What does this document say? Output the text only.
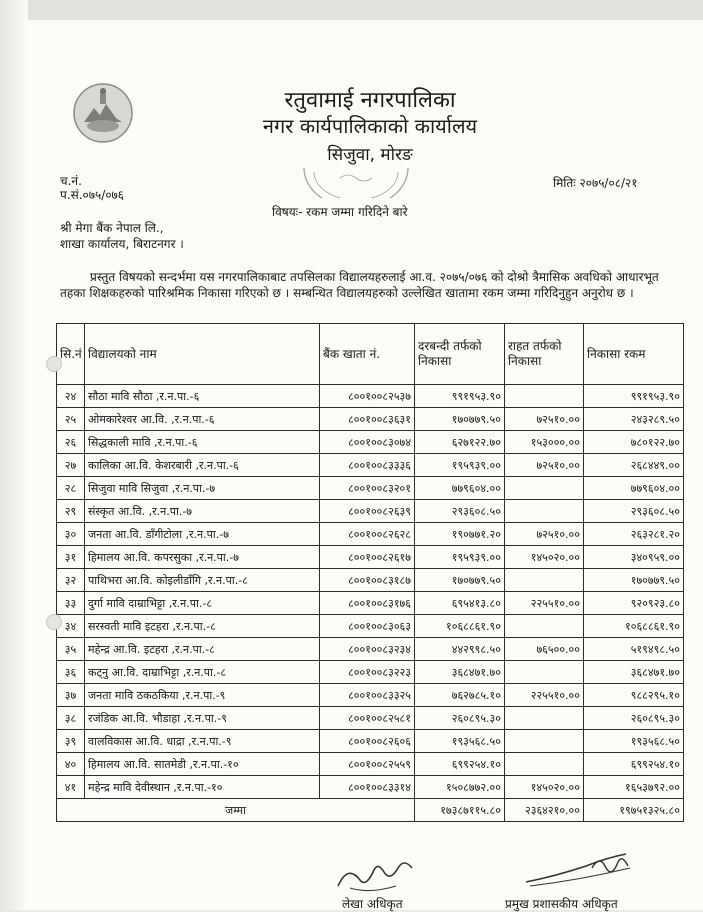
रतुवामाई नगरपालिका
नगर कार्यपालिकाको कार्यालय
सिजुवा, मोरङ
च.नं.
प.सं.०७५/०७६
मितिः २०७५/०८/२१
विषयः- रकम जम्मा गरिदिने बारे
श्री मेगा बैंक नेपाल लि.,
शाखा कार्यालय, बिराटनगर ।

प्रस्तुत विषयको सन्दर्भमा यस नगरपालिकाबाट तपसिलका विद्यालयहरुलाई आ.व. २०७५/०७६ को दोश्रो त्रैमासिक अवधिको आधारभूत तहका शिक्षकहरुको पारिश्रमिक निकासा गरिएको छ । सम्बन्धित विद्यालयहरुको उल्लेखित खातामा रकम जम्मा गरिदिनुहुन अनुरोध छ ।

सि.नं	विद्यालयको नाम	बैंक खाता नं.	दरबन्दी तर्फको निकासा	राहत तर्फको निकासा	निकासा रकम
२४	सौठा मावि सौठा ,र.न.पा.-६	८००१००८२५३७	९९१९५३.९०		९९१९५३.९०
२५	ओमकारेश्वर आ.वि. ,र.न.पा.-६	८००१००८३६३१	१७०७७९.५०	७२५१०.००	२४३२८९.५०
२६	सिद्धकाली मावि ,र.न.पा.-६	८००१००८३०७४	६२७१२२.७०	१५३०००.००	७८०१२२.७०
२७	कालिका आ.वि. केशरबारी ,र.न.पा.-६	८००१००८३३३६	१९५९३९.००	७२५१०.००	२६८४४९.००
२८	सिजुवा मावि सिजुवा ,र.न.पा.-७	८००१००८३२०१	७७९६०४.००		७७९६०४.००
२९	संस्कृत आ.वि. ,र.न.पा.-७	८००१००८२६३९	२९३६०८.५०		२९३६०८.५०
३०	जनता आ.वि. डाँगीटोला ,र.न.पा.-७	८००१००८२६२८	१९०७७१.२०	७२५१०.००	२६३२८१.२०
३१	हिमालय आ.वि. कपरसुका ,र.न.पा.-७	८००१००८२६१७	१९५९३९.००	१४५०२०.००	३४०९५९.००
३२	पाथिभरा आ.वि. कोइलीडाँगि ,र.न.पा.-८	८००१००८३१८७	१७०७७९.५०		१७०७७९.५०
३३	दुर्गा मावि दाम्राभिट्टा ,र.न.पा.-८	८००१००८३१७६	६९५४१३.८०	२२५५१०.००	९२०९२३.८०
३४	सरस्वती मावि इटहरा ,र.न.पा.-८	८००१००८३०६३	१०६८८६१.९०		१०६८८६१.९०
३५	महेन्द्र आ.वि. इटहरा ,र.न.पा.-८	८००१००८३२३४	४४२९९८.५०	७६५००.००	५१९४९८.५०
३६	कट्नु आ.वि. दाम्राभिट्टा ,र.न.पा.-८	८००१००८३२२३	३६८४७१.७०		३६८४७१.७०
३७	जनता मावि ठकठकिया ,र.न.पा.-९	८००१००८३३२५	७६२७८५.१०	२२५५१०.००	९८८२९५.१०
३८	रजंडिक आ.वि. भौडाहा ,र.न.पा.-९	८००१००८२५८१	२६०८९५.३०		२६०८९५.३०
३९	वालविकास आ.वि. धाद्रा ,र.न.पा.-९	८००१००८२६०६	१९३५६८.५०		१९३५६८.५०
४०	हिमालय आ.वि. सातमेडी ,र.न.पा.-१०	८००१००८२५५९	६९९२५४.१०		६९९२५४.१०
४१	महेन्द्र मावि देवीस्थान ,र.न.पा.-१०	८००१००८३३१४	१५०८७७२.००	१४५०२०.००	१६५३७९२.००
जम्मा			१७३८७११५.८०	२३६४२१०.००	१९७५१३२५.८०
लेखा अधिकृत	प्रमुख प्रशासकीय अधिकृत
